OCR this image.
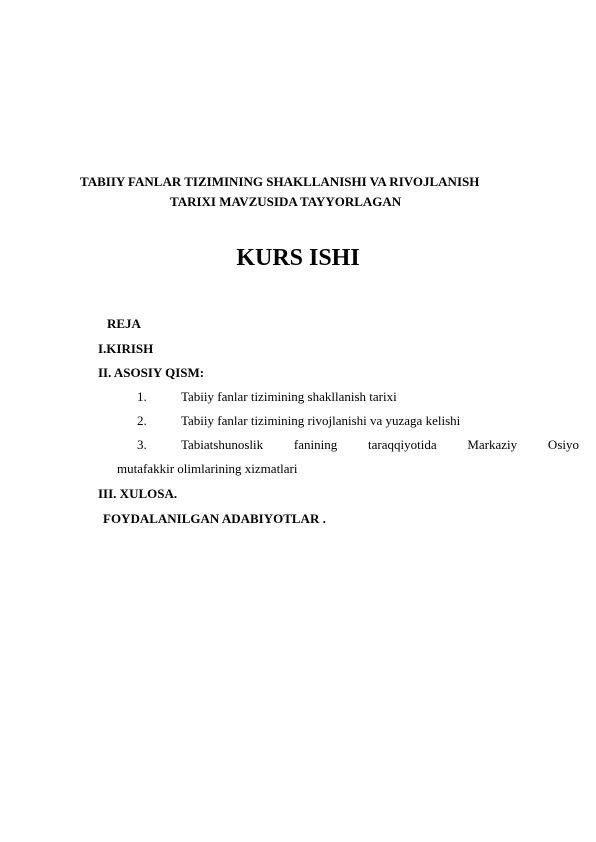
TABIIY FANLAR TIZIMINING SHAKLLANISHI VA RIVOJLANISH
TARIXI MAVZUSIDA TAYYORLAGAN
KURS ISHI
REJA
I.KIRISH
II. ASOSIY QISM:
1.	Tabiiy fanlar tizimining shakllanish tarixi
2.	Tabiiy fanlar tizimining rivojlanishi va yuzaga kelishi
3.	Tabiatshunoslik fanining taraqqiyotida Markaziy Osiyo
mutafakkir olimlarining xizmatlari
III. XULOSA.
FOYDALANILGAN ADABIYOTLAR .
